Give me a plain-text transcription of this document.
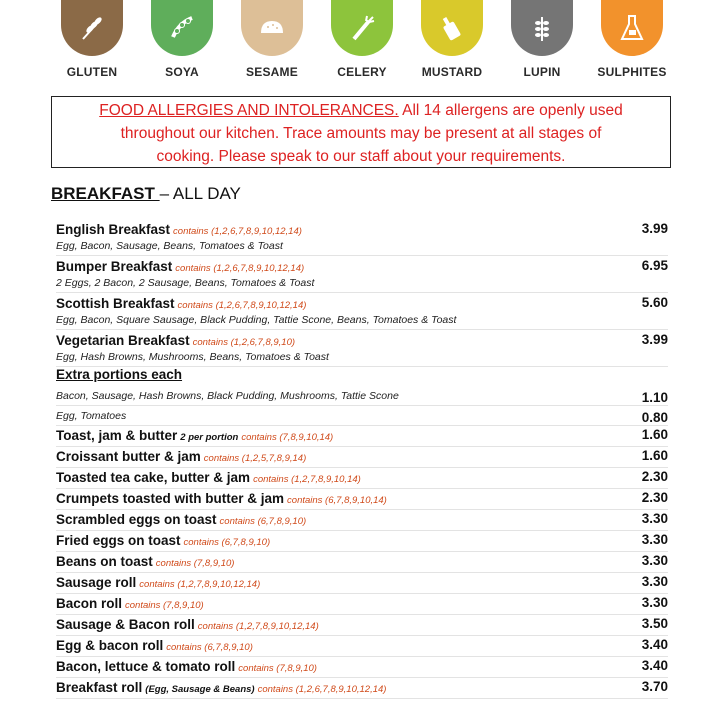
GLUTEN	SOYA	SESAME	CELERY	MUSTARD	LUPIN	SULPHITES
FOOD ALLERGIES AND INTOLERANCES. All 14 allergens are openly used
throughout our kitchen. Trace amounts may be present at all stages of
cooking. Please speak to our staff about your requirements.
BREAKFAST – ALL DAY
English Breakfast contains (1,2,6,7,8,9,10,12,14)
Egg, Bacon, Sausage, Beans, Tomatoes & Toast
3.99
Bumper Breakfast contains (1,2,6,7,8,9,10,12,14)
2 Eggs, 2 Bacon, 2 Sausage, Beans, Tomatoes & Toast
6.95
Scottish Breakfast contains (1,2,6,7,8,9,10,12,14)
Egg, Bacon, Square Sausage, Black Pudding, Tattie Scone, Beans, Tomatoes & Toast
5.60
Vegetarian Breakfast contains (1,2,6,7,8,9,10)
Egg, Hash Browns, Mushrooms, Beans, Tomatoes & Toast
3.99
Extra portions each
Bacon, Sausage, Hash Browns, Black Pudding, Mushrooms, Tattie Scone	1.10
Egg, Tomatoes	0.80
Toast, jam & butter 2 per portion contains (7,8,9,10,14)	1.60
Croissant butter & jam contains (1,2,5,7,8,9,14)	1.60
Toasted tea cake, butter & jam contains (1,2,7,8,9,10,14)	2.30
Crumpets toasted with butter & jam contains (6,7,8,9,10,14)	2.30
Scrambled eggs on toast contains (6,7,8,9,10)	3.30
Fried eggs on toast contains (6,7,8,9,10)	3.30
Beans on toast contains (7,8,9,10)	3.30
Sausage roll contains (1,2,7,8,9,10,12,14)	3.30
Bacon roll contains (7,8,9,10)	3.30
Sausage & Bacon roll contains (1,2,7,8,9,10,12,14)	3.50
Egg & bacon roll contains (6,7,8,9,10)	3.40
Bacon, lettuce & tomato roll contains (7,8,9,10)	3.40
Breakfast roll (Egg, Sausage & Beans) contains (1,2,6,7,8,9,10,12,14)	3.70
